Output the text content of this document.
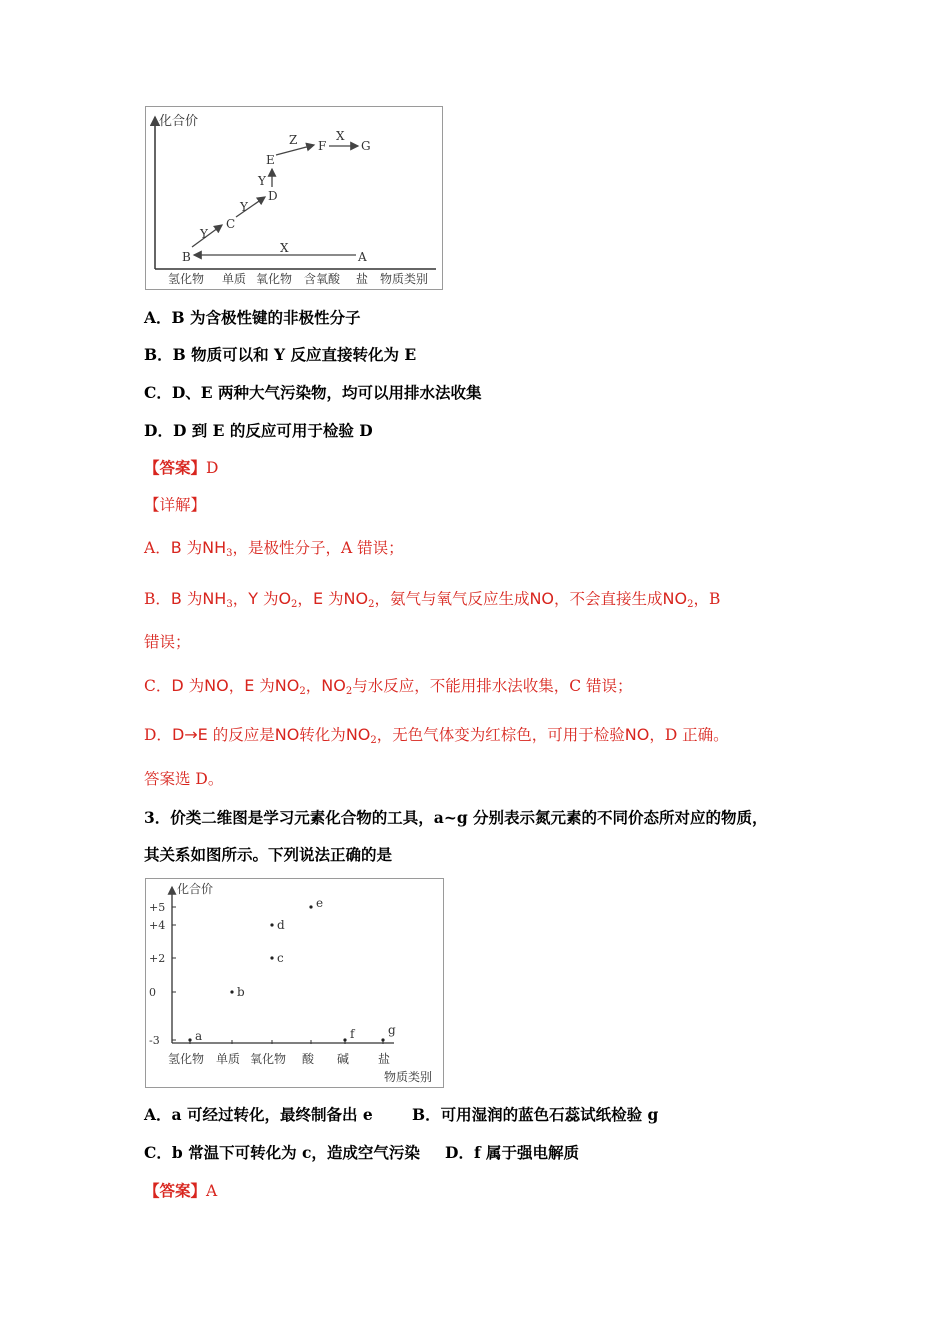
化合价
氢化物 单质 氧化物 含氧酸 盐 物质类别
A
B
C
D
E
F	G
Y
Y
Y
Z	X
X
A．B 为含极性键的非极性分子
B．B 物质可以和 Y 反应直接转化为 E
C．D、E 两种大气污染物，均可以用排水法收集
D．D 到 E 的反应可用于检验 D
【答案】D
【详解】
A．B 为$NH_3$，是极性分子，A 错误；
B．B 为$NH_3$，Y 为$O_2$，E 为$NO_2$，氨气与氧气反应生成NO，不会直接生成$NO_2$，B
错误；
C．D 为NO，E 为$NO_2$，$NO_2$与水反应，不能用排水法收集，C 错误；
D．D→E 的反应是NO转化为$NO_2$，无色气体变为红棕色，可用于检验NO，D 正确。
答案选 D。
3．价类二维图是学习元素化合物的工具，a~g 分别表示氮元素的不同价态所对应的物质，
其关系如图所示。下列说法正确的是
化合价
+5
+4
+2
0
-3	a
b
c
d
e
f	g
氢化物 单质 氧化物 酸 碱 盐
物质类别
A．a 可经过转化，最终制备出 e	B．可用湿润的蓝色石蕊试纸检验 g
C．b 常温下可转化为 c，造成空气污染 D．f 属于强电解质
【答案】A
